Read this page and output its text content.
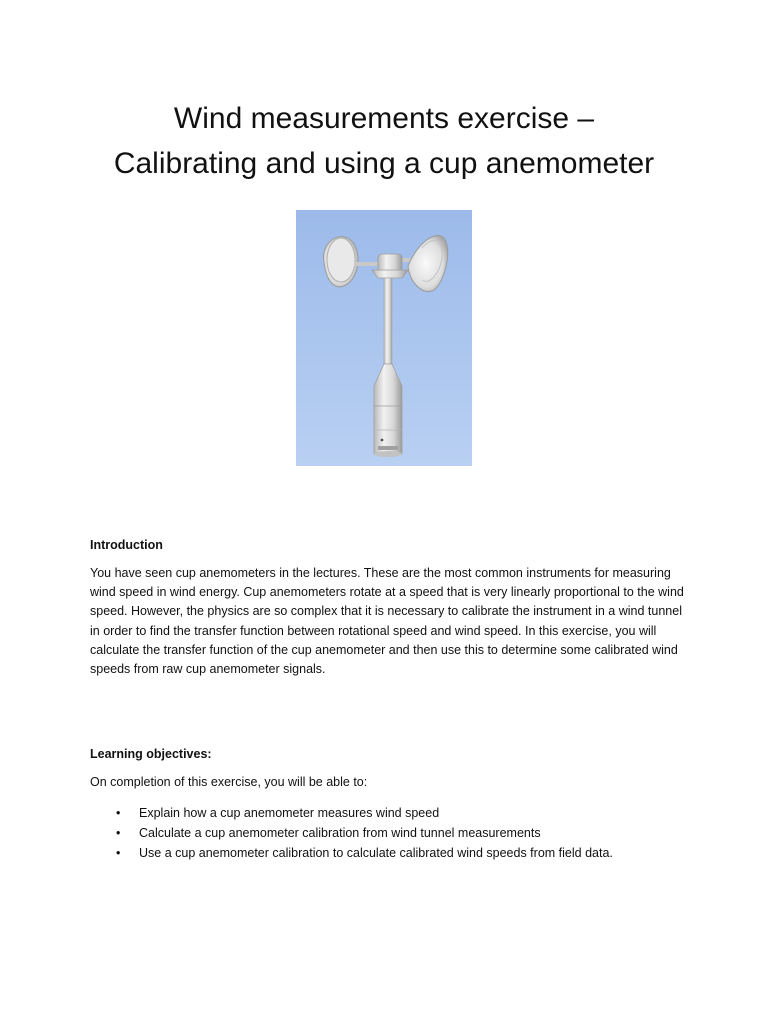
Wind measurements exercise –
Calibrating and using a cup anemometer
Introduction

You have seen cup anemometers in the lectures. These are the most common instruments for measuring wind speed in wind energy. Cup anemometers rotate at a speed that is very linearly proportional to the wind speed. However, the physics are so complex that it is necessary to calibrate the instrument in a wind tunnel in order to find the transfer function between rotational speed and wind speed. In this exercise, you will calculate the transfer function of the cup anemometer and then use this to determine some calibrated wind speeds from raw cup anemometer signals.

Learning objectives:

On completion of this exercise, you will be able to:

• Explain how a cup anemometer measures wind speed
• Calculate a cup anemometer calibration from wind tunnel measurements
• Use a cup anemometer calibration to calculate calibrated wind speeds from field data.
